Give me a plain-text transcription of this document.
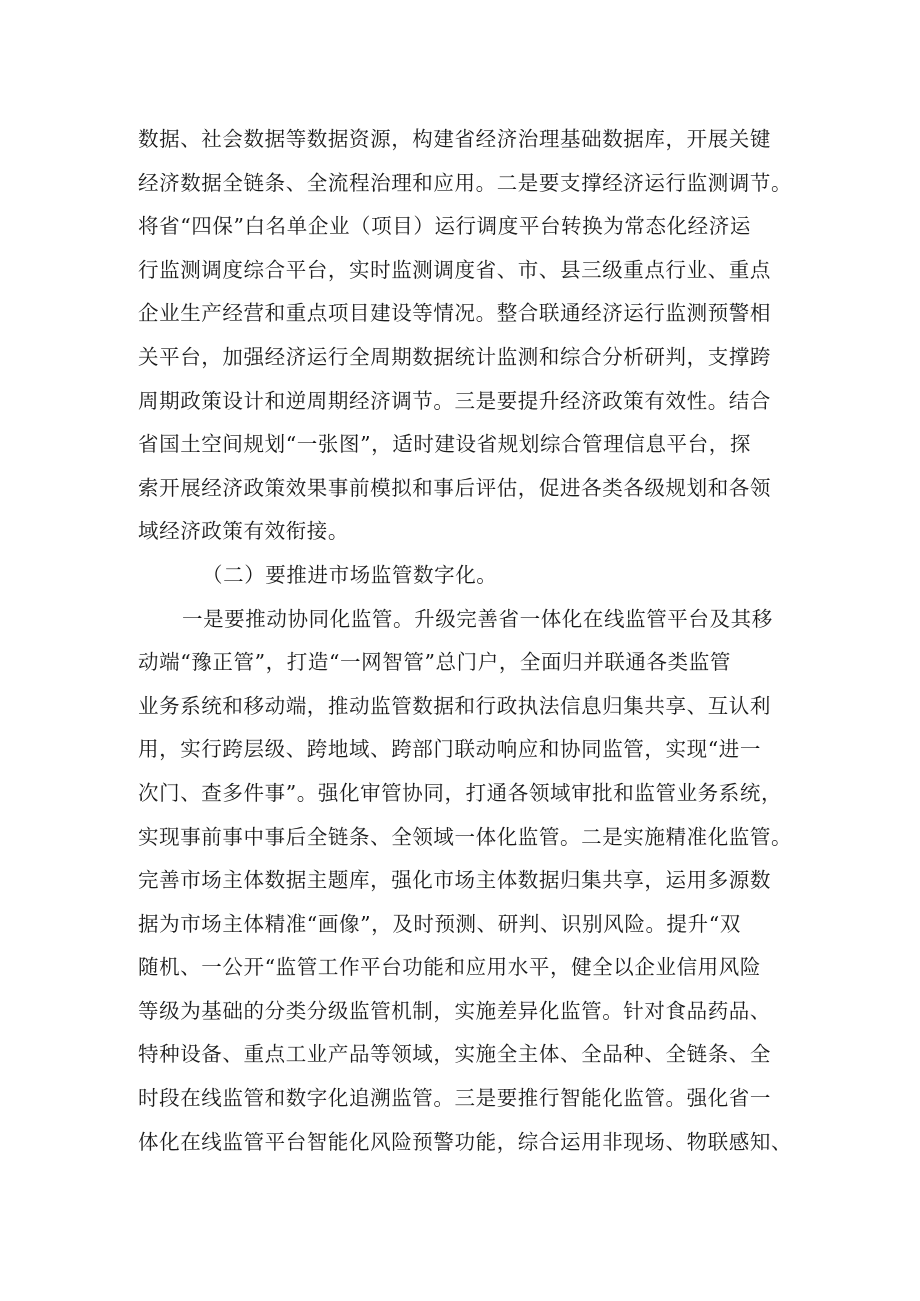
数据、社会数据等数据资源，构建省经济治理基础数据库，开展关键
经济数据全链条、全流程治理和应用。二是要支撑经济运行监测调节。
将省“四保”白名单企业（项目）运行调度平台转换为常态化经济运
行监测调度综合平台，实时监测调度省、市、县三级重点行业、重点
企业生产经营和重点项目建设等情况。整合联通经济运行监测预警相
关平台，加强经济运行全周期数据统计监测和综合分析研判，支撑跨
周期政策设计和逆周期经济调节。三是要提升经济政策有效性。结合
省国土空间规划“一张图”，适时建设省规划综合管理信息平台，探
索开展经济政策效果事前模拟和事后评估，促进各类各级规划和各领
域经济政策有效衔接。
（二）要推进市场监管数字化。
一是要推动协同化监管。升级完善省一体化在线监管平台及其移
动端“豫正管”，打造“一网智管”总门户，全面归并联通各类监管
业务系统和移动端，推动监管数据和行政执法信息归集共享、互认利
用，实行跨层级、跨地域、跨部门联动响应和协同监管，实现“进一
次门、查多件事”。强化审管协同，打通各领域审批和监管业务系统，
实现事前事中事后全链条、全领域一体化监管。二是实施精准化监管。
完善市场主体数据主题库，强化市场主体数据归集共享，运用多源数
据为市场主体精准“画像”，及时预测、研判、识别风险。提升“双
随机、一公开“监管工作平台功能和应用水平，健全以企业信用风险
等级为基础的分类分级监管机制，实施差异化监管。针对食品药品、
特种设备、重点工业产品等领域，实施全主体、全品种、全链条、全
时段在线监管和数字化追溯监管。三是要推行智能化监管。强化省一
体化在线监管平台智能化风险预警功能，综合运用非现场、物联感知、
